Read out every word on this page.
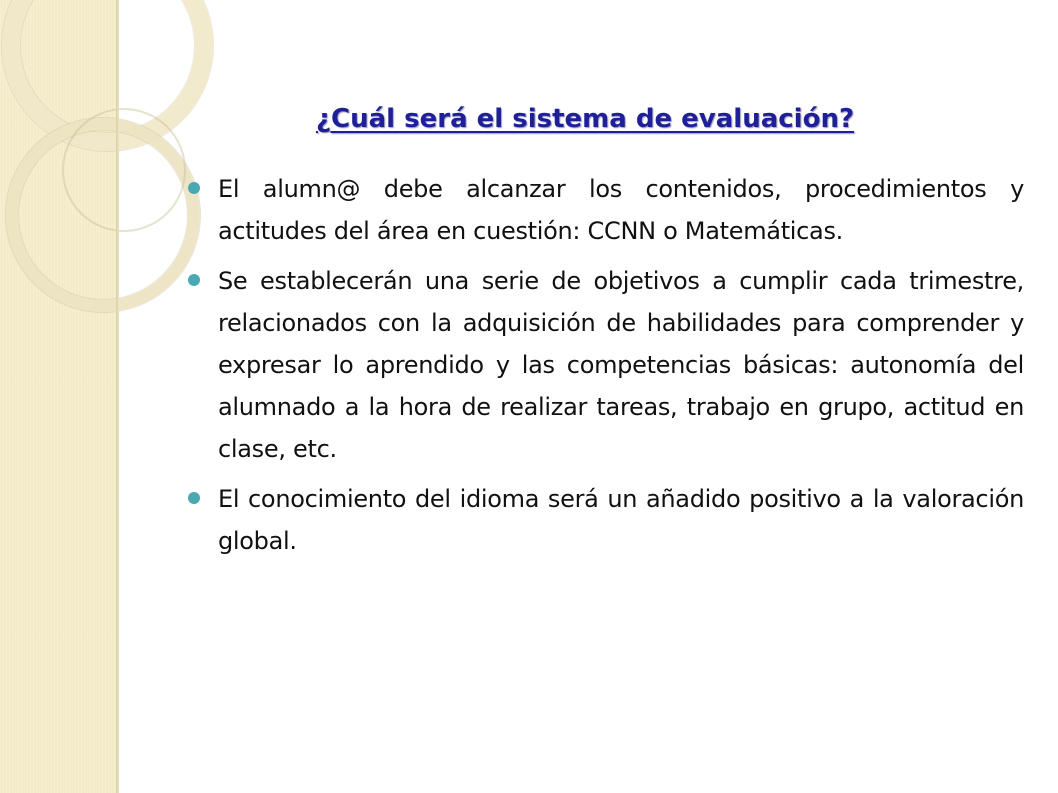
¿Cuál será el sistema de evaluación?
El alumn@ debe alcanzar los contenidos, procedimientos y actitudes del área en cuestión: CCNN o Matemáticas.
Se establecerán una serie de objetivos a cumplir cada trimestre, relacionados con la adquisición de habilidades para comprender y expresar lo aprendido y las competencias básicas: autonomía del alumnado a la hora de realizar tareas, trabajo en grupo, actitud en clase, etc.
El conocimiento del idioma será un añadido positivo a la valoración global.
